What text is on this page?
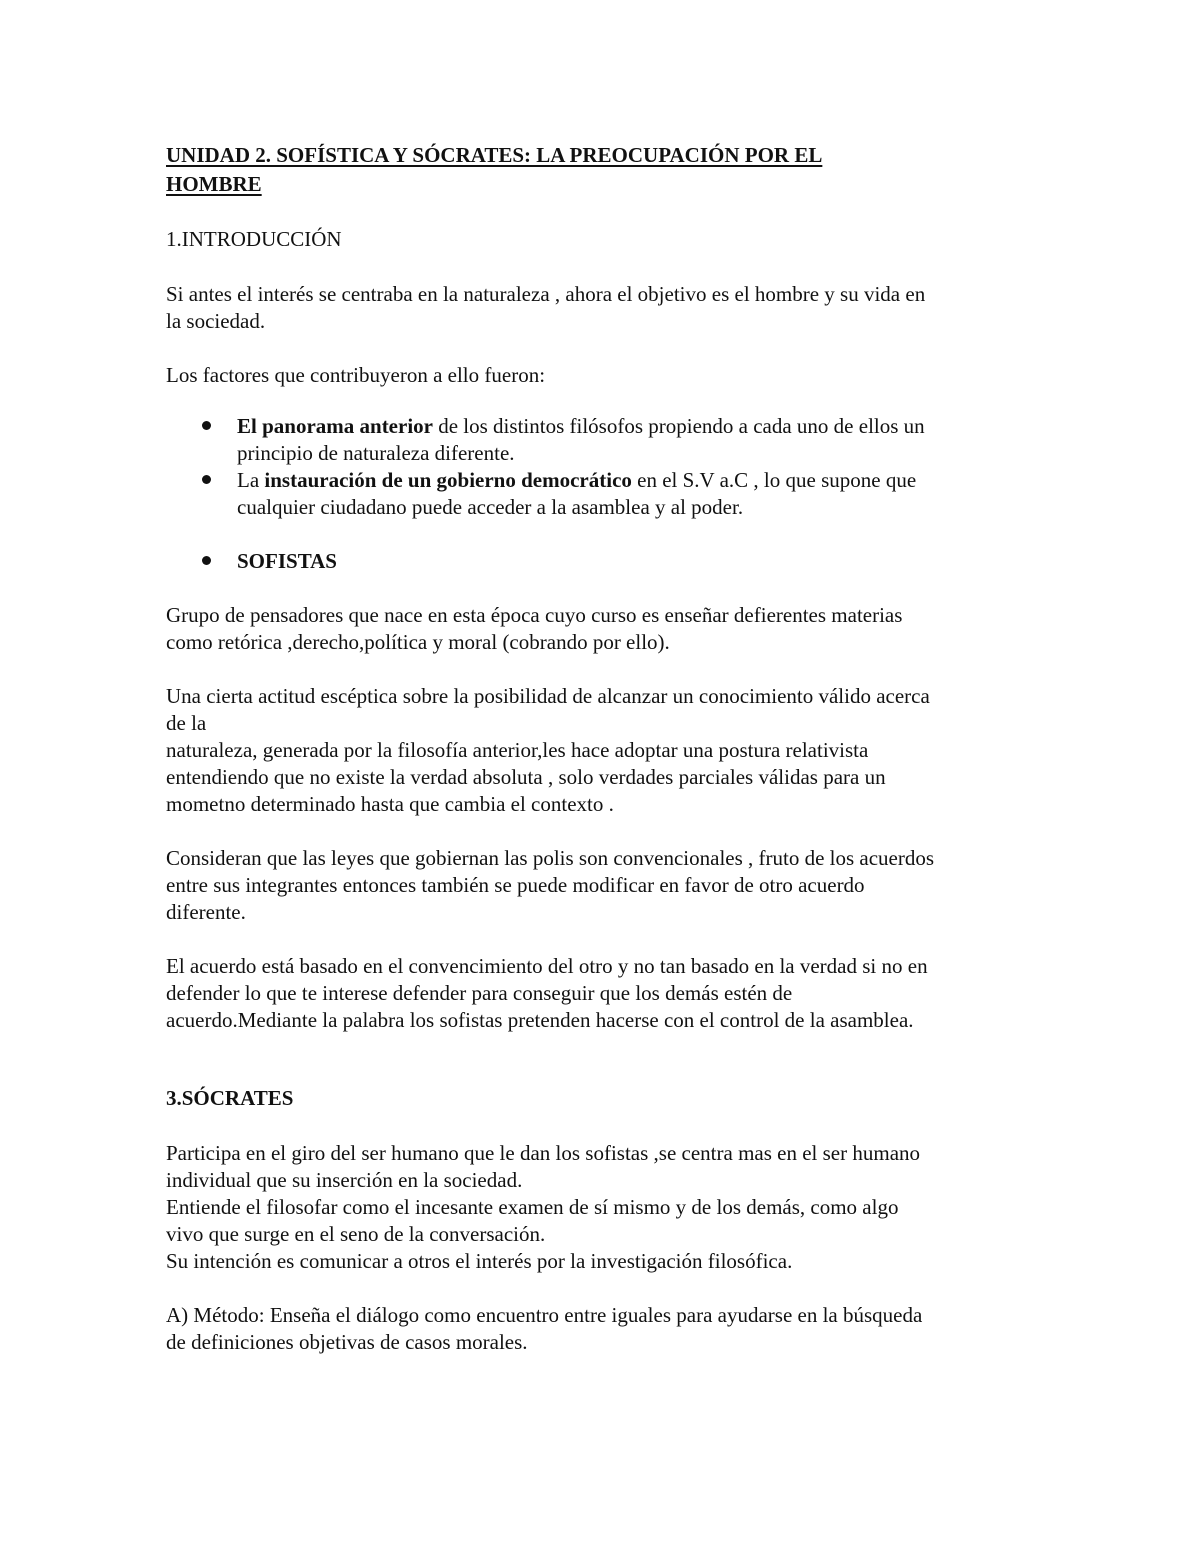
UNIDAD 2. SOFÍSTICA Y SÓCRATES: LA PREOCUPACIÓN POR EL
HOMBRE
1.INTRODUCCIÓN
Si antes el interés se centraba en la naturaleza , ahora el objetivo es el hombre y su vida en
la sociedad.
Los factores que contribuyeron a ello fueron:
El panorama anterior de los distintos filósofos propiendo a cada uno de ellos un
principio de naturaleza diferente.
La instauración de un gobierno democrático en el S.V a.C , lo que supone que
cualquier ciudadano puede acceder a la asamblea y al poder.
SOFISTAS
Grupo de pensadores que nace en esta época cuyo curso es enseñar defierentes materias
como retórica ,derecho,política y moral (cobrando por ello).
Una cierta actitud escéptica sobre la posibilidad de alcanzar un conocimiento válido acerca
de la
naturaleza, generada por la filosofía anterior,les hace adoptar una postura relativista
entendiendo que no existe la verdad absoluta , solo verdades parciales válidas para un
mometno determinado hasta que cambia el contexto .
Consideran que las leyes que gobiernan las polis son convencionales , fruto de los acuerdos
entre sus integrantes entonces también se puede modificar en favor de otro acuerdo
diferente.
El acuerdo está basado en el convencimiento del otro y no tan basado en la verdad si no en
defender lo que te interese defender para conseguir que los demás estén de
acuerdo.Mediante la palabra los sofistas pretenden hacerse con el control de la asamblea.
3.SÓCRATES
Participa en el giro del ser humano que le dan los sofistas ,se centra mas en el ser humano
individual que su inserción en la sociedad.
Entiende el filosofar como el incesante examen de sí mismo y de los demás, como algo
vivo que surge en el seno de la conversación.
Su intención es comunicar a otros el interés por la investigación filosófica.
A) Método: Enseña el diálogo como encuentro entre iguales para ayudarse en la búsqueda
de definiciones objetivas de casos morales.
